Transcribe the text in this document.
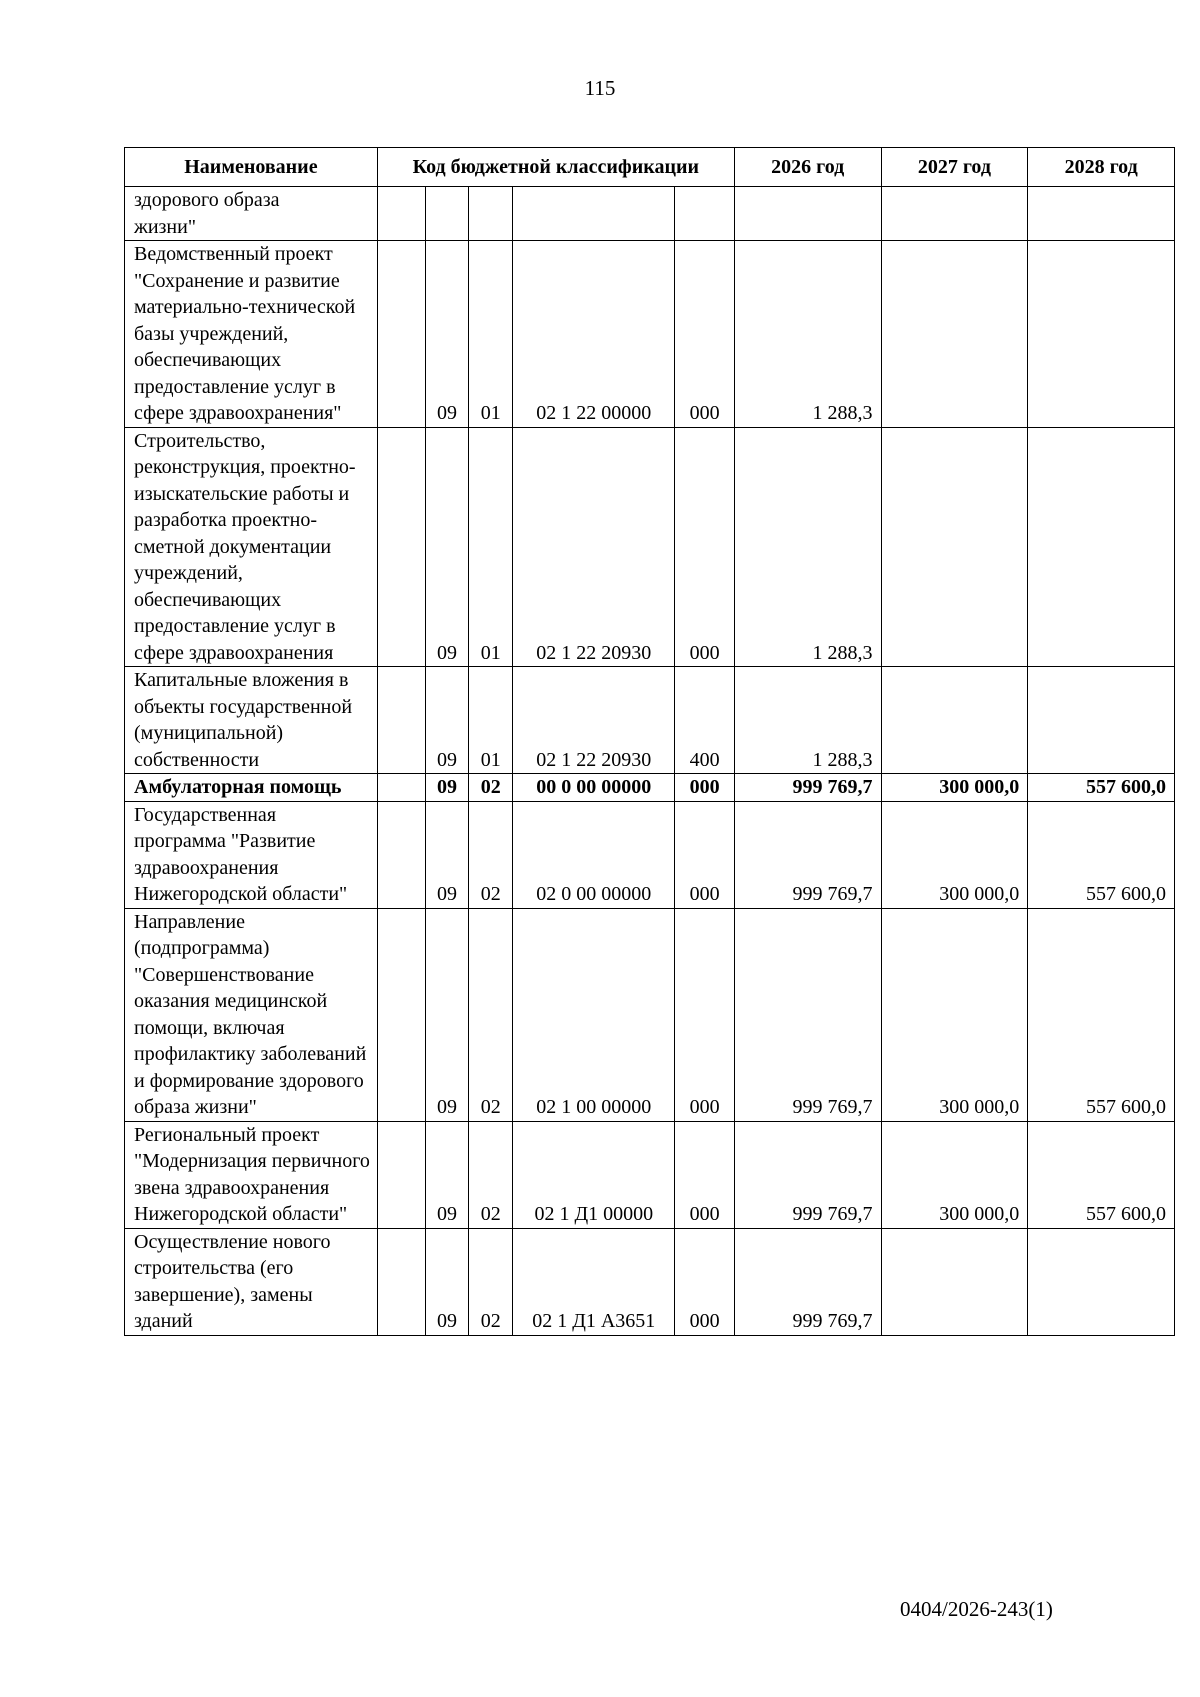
115
Наименование	Код бюджетной классификации					2026 год	2027 год	2028 год
здорового образа
жизни"								
Ведомственный проект "Сохранение и развитие материально-технической базы учреждений, обеспечивающих предоставление услуг в сфере здравоохранения"		09	01	02 1 22 00000	000	1 288,3		
Строительство, реконструкция, проектно-изыскательские работы и разработка проектно-сметной документации учреждений, обеспечивающих предоставление услуг в сфере здравоохранения		09	01	02 1 22 20930	000	1 288,3		
Капитальные вложения в объекты государственной (муниципальной) собственности		09	01	02 1 22 20930	400	1 288,3		
Амбулаторная помощь		09	02	00 0 00 00000	000	999 769,7	300 000,0	557 600,0
Государственная программа "Развитие здравоохранения Нижегородской области"		09	02	02 0 00 00000	000	999 769,7	300 000,0	557 600,0
Направление (подпрограмма) "Совершенствование оказания медицинской помощи, включая профилактику заболеваний и формирование здорового образа жизни"		09	02	02 1 00 00000	000	999 769,7	300 000,0	557 600,0
Региональный проект "Модернизация первичного звена здравоохранения Нижегородской области"		09	02	02 1 Д1 00000	000	999 769,7	300 000,0	557 600,0
Осуществление нового строительства (его завершение), замены зданий		09	02	02 1 Д1 А3651	000	999 769,7		
0404/2026-243(1)
